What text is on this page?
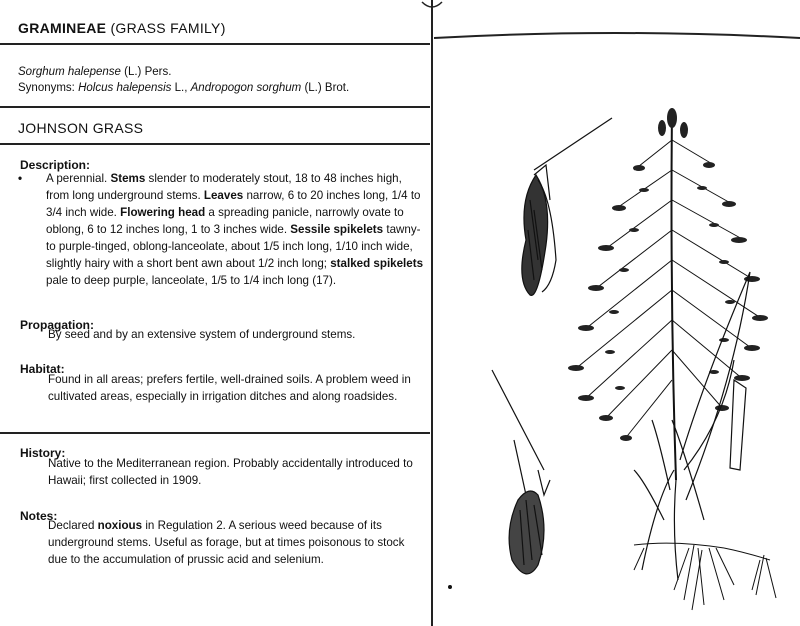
GRAMINEAE (GRASS FAMILY)
Sorghum halepense (L.) Pers.
Synonyms: Holcus halepensis L., Andropogon sorghum (L.) Brot.
JOHNSON GRASS
Description:
• A perennial. Stems slender to moderately stout, 18 to 48 inches high, from long underground stems. Leaves narrow, 6 to 20 inches long, 1/4 to 3/4 inch wide. Flowering head a spreading panicle, narrowly ovate to oblong, 6 to 12 inches long, 1 to 3 inches wide. Sessile spikelets tawny- to purple-tinged, oblong-lanceolate, about 1/5 inch long, 1/10 inch wide, slightly hairy with a short bent awn about 1/2 inch long; stalked spikelets pale to deep purple, lanceolate, 1/5 to 1/4 inch long (17).
Propagation:
By seed and by an extensive system of underground stems.
Habitat:
Found in all areas; prefers fertile, well-drained soils. A problem weed in cultivated areas, especially in irrigation ditches and along roadsides.
History:
Native to the Mediterranean region. Probably accidentally introduced to Hawaii; first collected in 1909.
Notes:
Declared noxious in Regulation 2. A serious weed because of its underground stems. Useful as forage, but at times poisonous to stock due to the accumulation of prussic acid and selenium.
